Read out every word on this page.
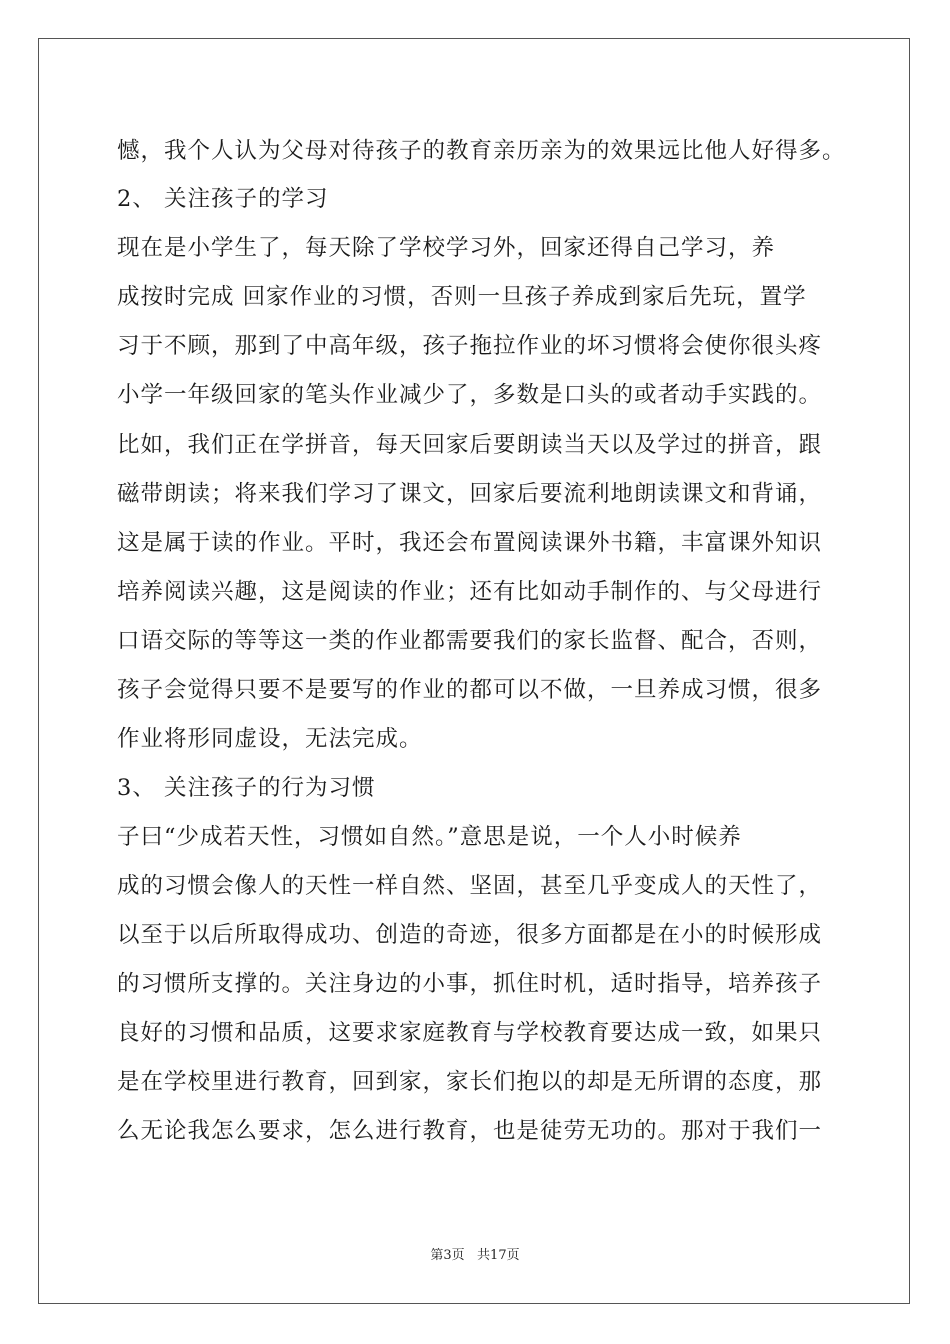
憾，我个人认为父母对待孩子的教育亲历亲为的效果远比他人好得多。
2、 关注孩子的学习
现在是小学生了，每天除了学校学习外，回家还得自己学习，养
成按时完成 回家作业的习惯，否则一旦孩子养成到家后先玩，置学
习于不顾，那到了中高年级，孩子拖拉作业的坏习惯将会使你很头疼
小学一年级回家的笔头作业减少了，多数是口头的或者动手实践的。
比如，我们正在学拼音，每天回家后要朗读当天以及学过的拼音，跟
磁带朗读；将来我们学习了课文，回家后要流利地朗读课文和背诵，
这是属于读的作业。平时，我还会布置阅读课外书籍，丰富课外知识
培养阅读兴趣，这是阅读的作业；还有比如动手制作的、与父母进行
口语交际的等等这一类的作业都需要我们的家长监督、配合，否则，
孩子会觉得只要不是要写的作业的都可以不做，一旦养成习惯，很多
作业将形同虚设，无法完成。
3、 关注孩子的行为习惯
子曰“少成若天性，习惯如自然。”意思是说，一个人小时候养
成的习惯会像人的天性一样自然、坚固，甚至几乎变成人的天性了，
以至于以后所取得成功、创造的奇迹，很多方面都是在小的时候形成
的习惯所支撑的。关注身边的小事，抓住时机，适时指导，培养孩子
良好的习惯和品质，这要求家庭教育与学校教育要达成一致，如果只
是在学校里进行教育，回到家，家长们抱以的却是无所谓的态度，那
么无论我怎么要求，怎么进行教育，也是徒劳无功的。那对于我们一
第3页   共17页
